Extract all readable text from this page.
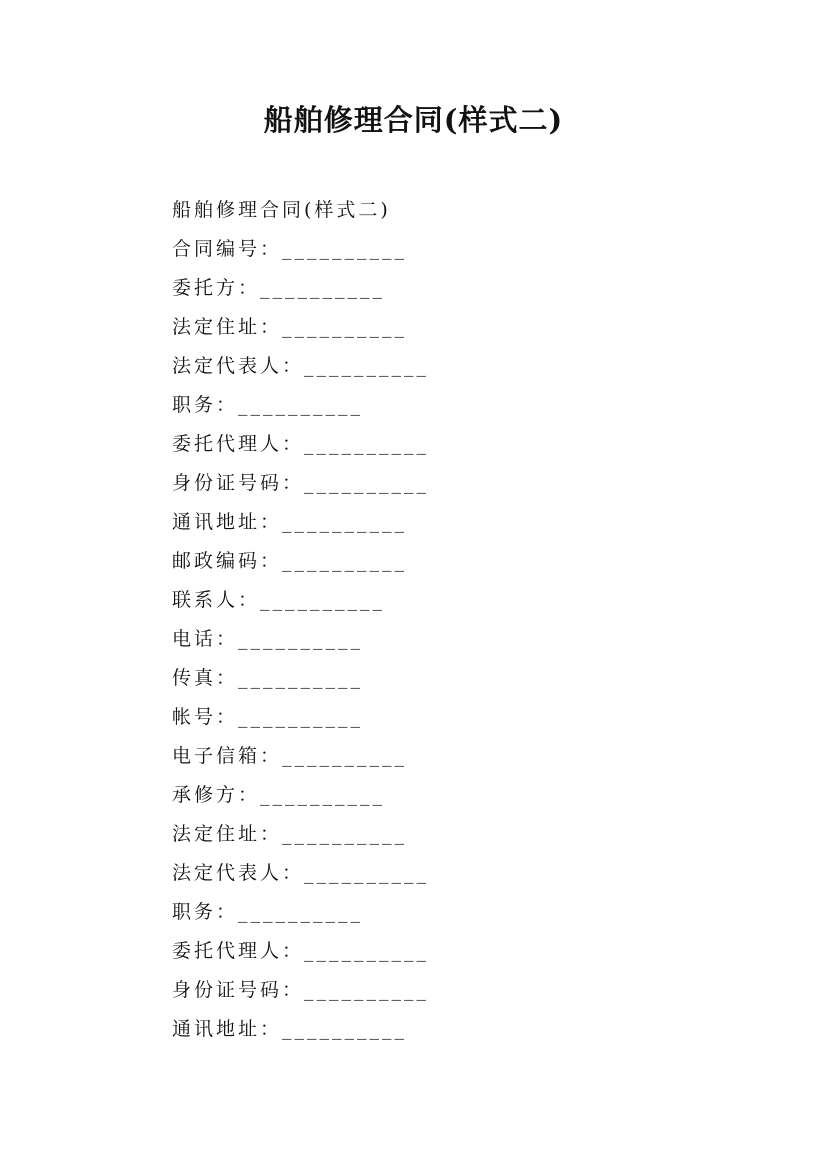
船舶修理合同(样式二)
船舶修理合同(样式二)
合同编号：__________
委托方：__________
法定住址：__________
法定代表人：__________
职务：__________
委托代理人：__________
身份证号码：__________
通讯地址：__________
邮政编码：__________
联系人：__________
电话：__________
传真：__________
帐号：__________
电子信箱：__________
承修方：__________
法定住址：__________
法定代表人：__________
职务：__________
委托代理人：__________
身份证号码：__________
通讯地址：__________
